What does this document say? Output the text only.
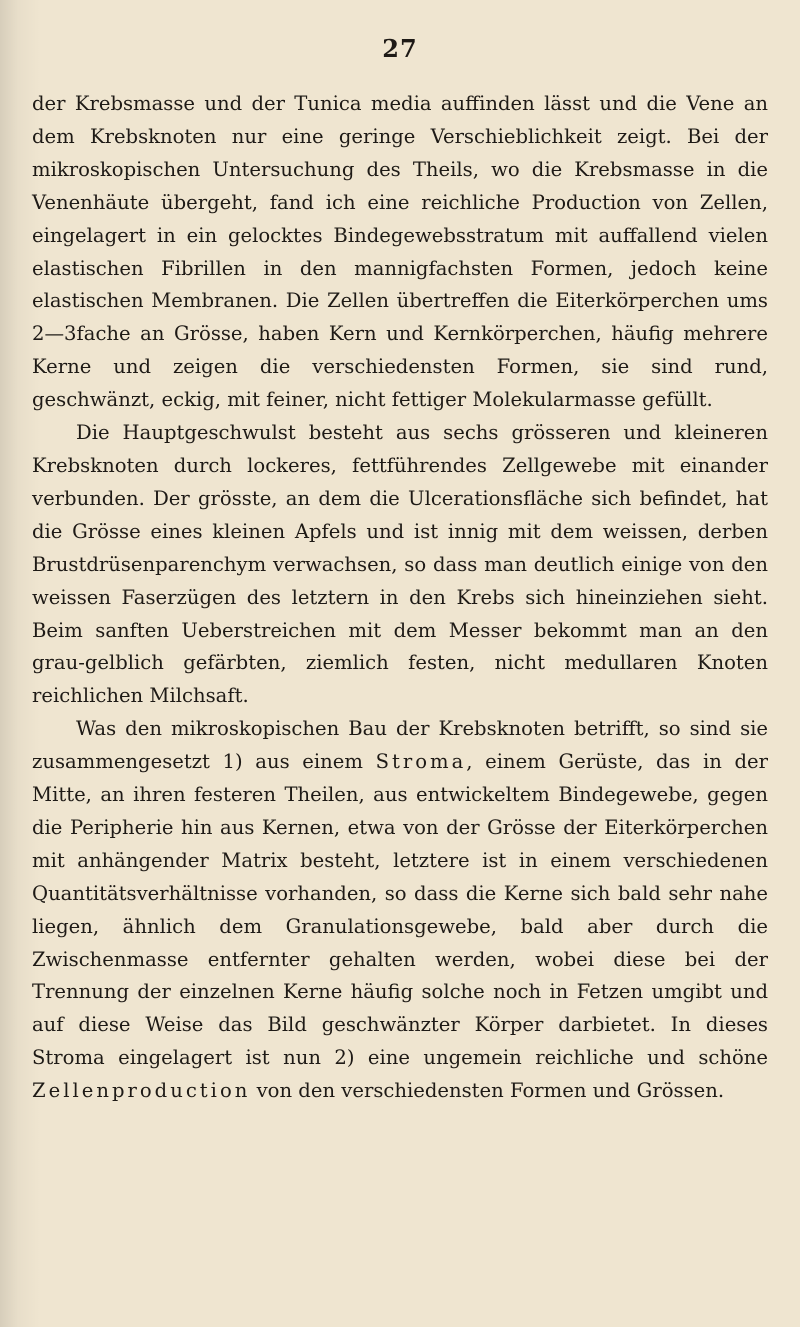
27

der Krebsmasse und der Tunica media auffinden lässt und die Vene an dem Krebsknoten nur eine geringe Verschieblichkeit zeigt. Bei der mikroskopischen Untersuchung des Theils, wo die Krebsmasse in die Venenhäute übergeht, fand ich eine reichliche Production von Zellen, eingelagert in ein gelocktes Bindegewebsstratum mit auffallend vielen elastischen Fibrillen in den mannigfachsten Formen, jedoch keine elastischen Membranen. Die Zellen übertreffen die Eiterkörperchen ums 2—3fache an Grösse, haben Kern und Kernkörperchen, häufig mehrere Kerne und zeigen die verschiedensten Formen, sie sind rund, geschwänzt, eckig, mit feiner, nicht fettiger Molekularmasse gefüllt.

Die Hauptgeschwulst besteht aus sechs grösseren und kleineren Krebsknoten durch lockeres, fettführendes Zellgewebe mit einander verbunden. Der grösste, an dem die Ulcerationsfläche sich befindet, hat die Grösse eines kleinen Apfels und ist innig mit dem weissen, derben Brustdrüsenparenchym verwachsen, so dass man deutlich einige von den weissen Faserzügen des letztern in den Krebs sich hineinziehen sieht. Beim sanften Ueberstreichen mit dem Messer bekommt man an den grau-gelblich gefärbten, ziemlich festen, nicht medullaren Knoten reichlichen Milchsaft.

Was den mikroskopischen Bau der Krebsknoten betrifft, so sind sie zusammengesetzt 1) aus einem Stroma, einem Gerüste, das in der Mitte, an ihren festeren Theilen, aus entwickeltem Bindegewebe, gegen die Peripherie hin aus Kernen, etwa von der Grösse der Eiterkörperchen mit anhängender Matrix besteht, letztere ist in einem verschiedenen Quantitätsverhältnisse vorhanden, so dass die Kerne sich bald sehr nahe liegen, ähnlich dem Granulationsgewebe, bald aber durch die Zwischenmasse entfernter gehalten werden, wobei diese bei der Trennung der einzelnen Kerne häufig solche noch in Fetzen umgibt und auf diese Weise das Bild geschwänzter Körper darbietet. In dieses Stroma eingelagert ist nun 2) eine ungemein reichliche und schöne Zellenproduction von den verschiedensten Formen und Grössen.
